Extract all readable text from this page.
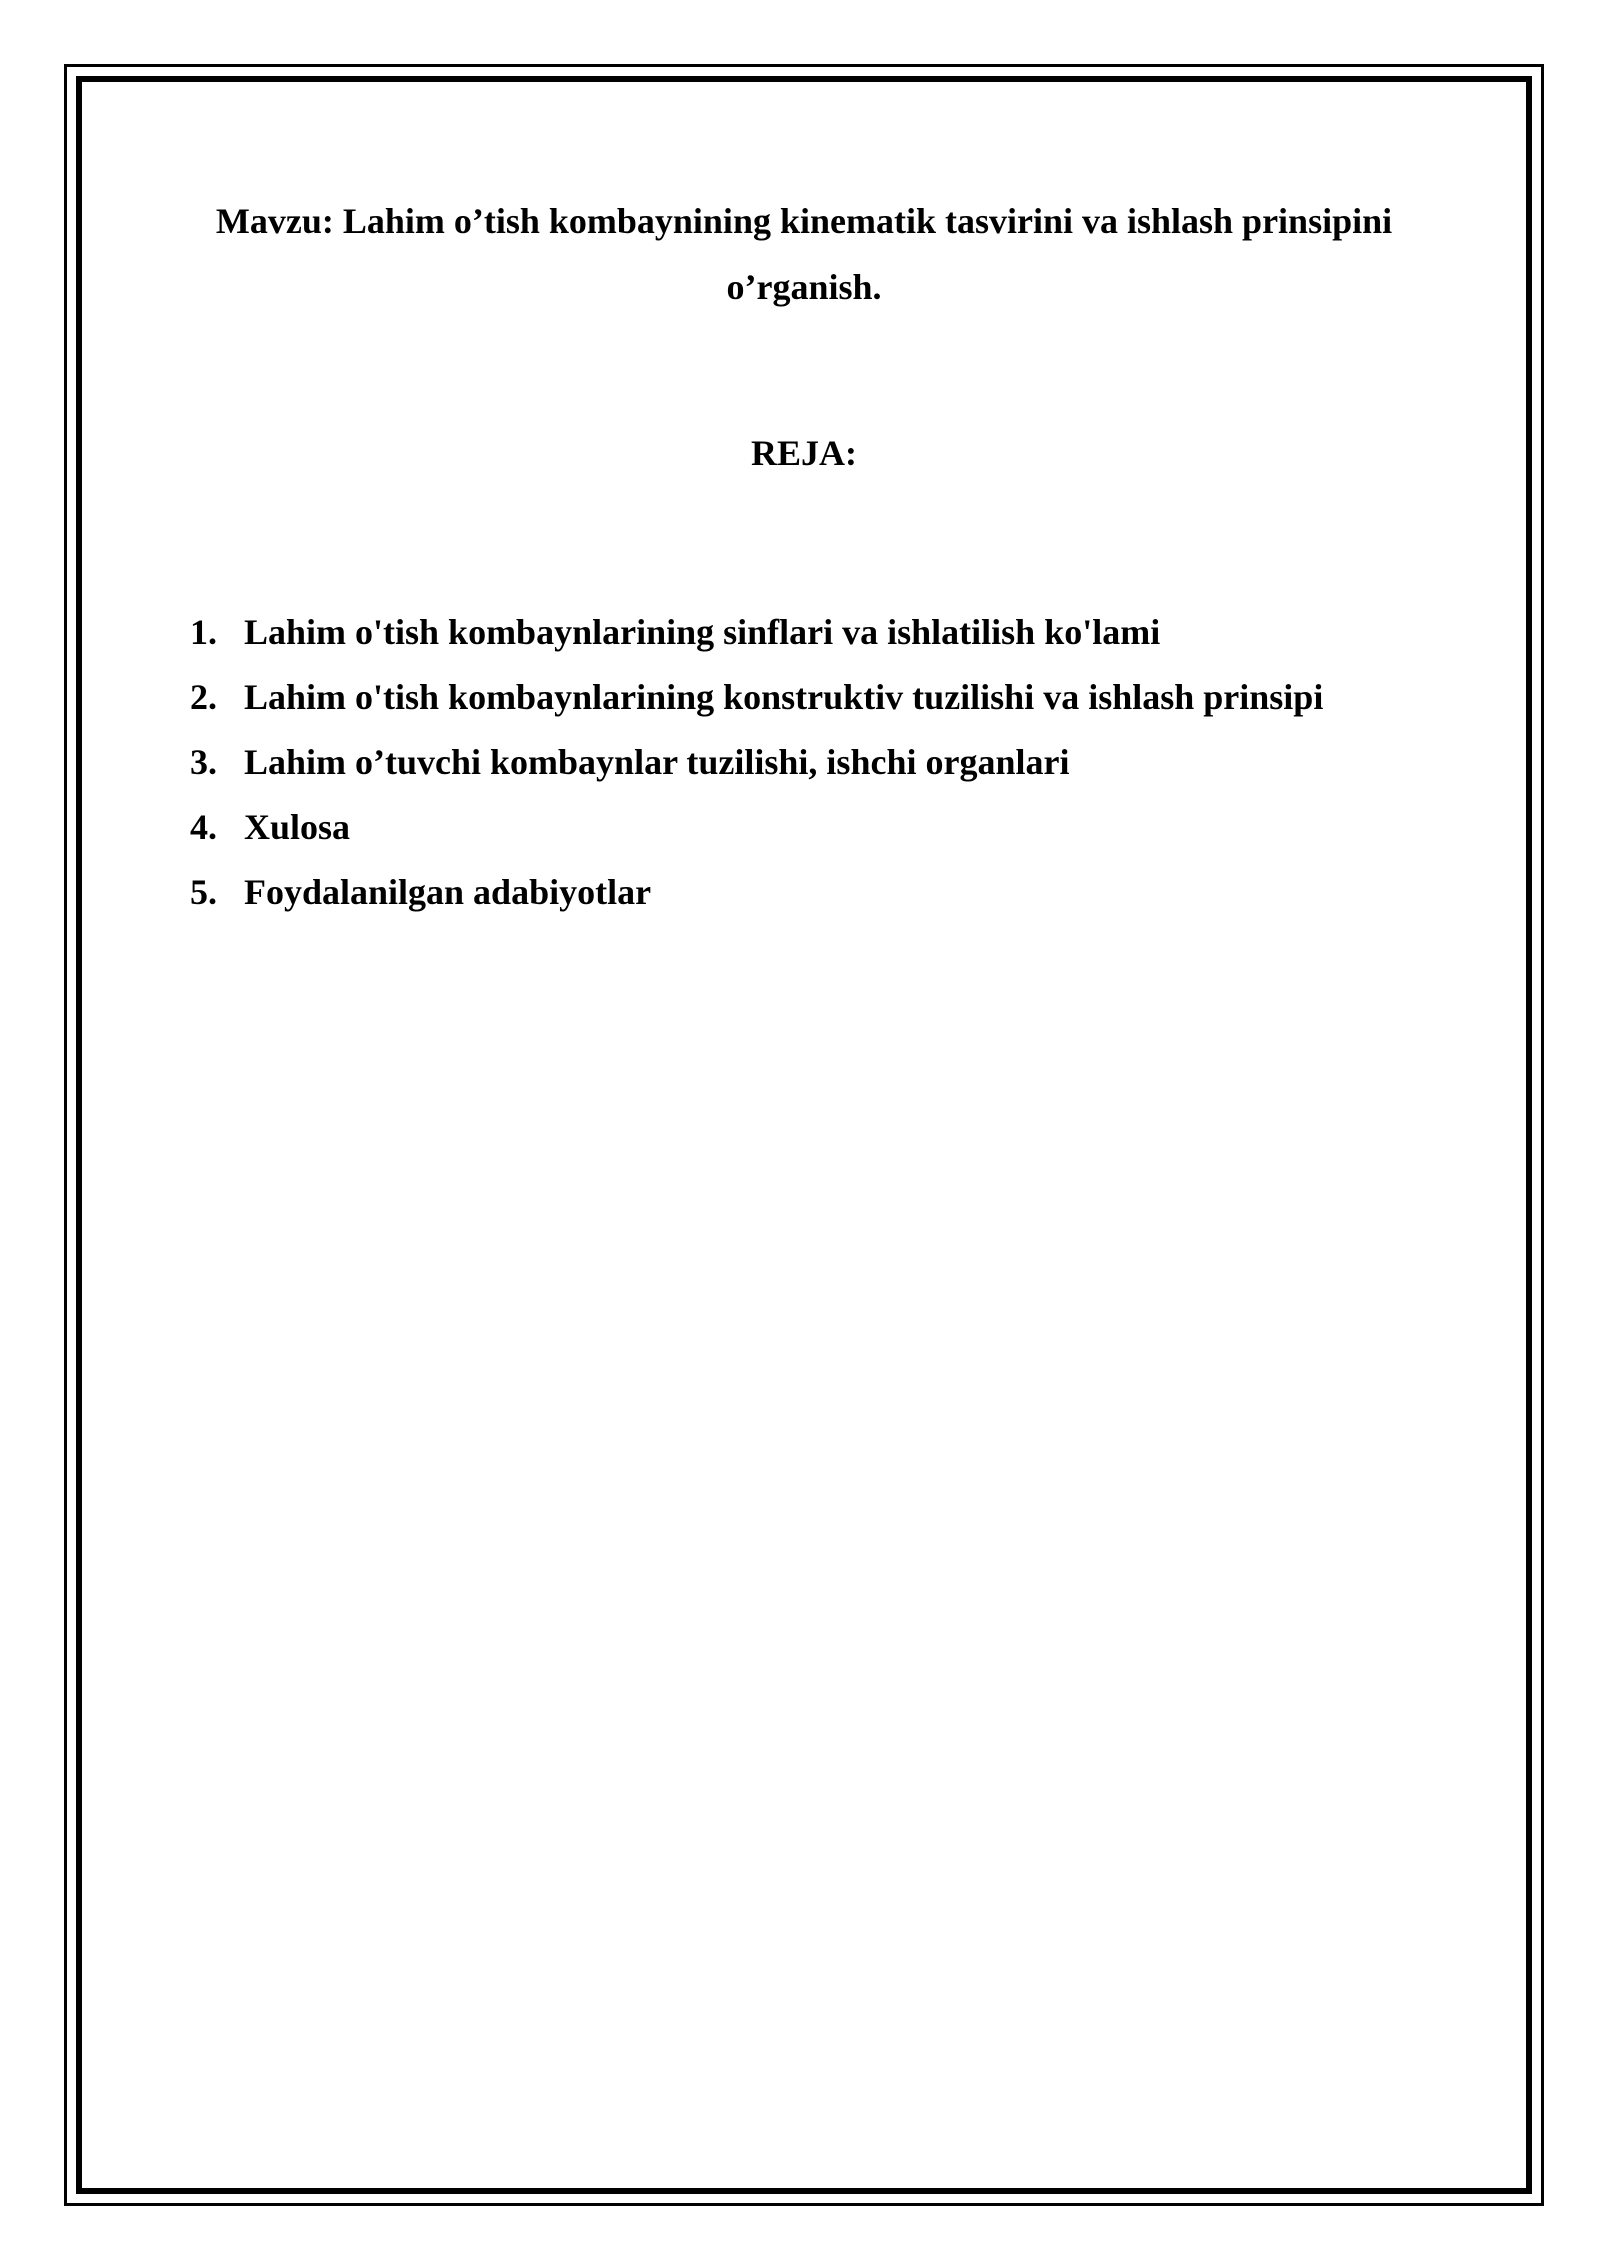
Mavzu: Lahim o’tish kombaynining kinematik tasvirini va ishlash prinsipini
o’rganish.
REJA:
1. Lahim o'tish kombaynlarining sinflari va ishlatilish ko'lami
2. Lahim o'tish kombaynlarining konstruktiv tuzilishi va ishlash prinsipi
3. Lahim o’tuvchi kombaynlar tuzilishi, ishchi organlari
4. Xulosa
5. Foydalanilgan adabiyotlar
